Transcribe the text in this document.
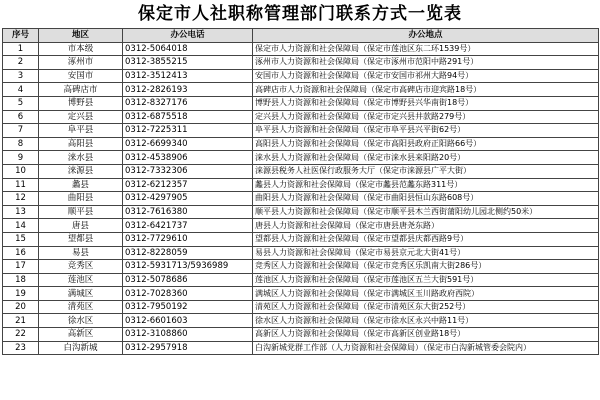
保定市人社职称管理部门联系方式一览表
序号	地区	办公电话	办公地点
1	市本级	0312-5064018	保定市人力资源和社会保障局（保定市莲池区东二环1539号）
2	涿州市	0312-3855215	涿州市人力资源和社会保障局（保定市涿州市范阳中路291号）
3	安国市	0312-3512413	安国市人力资源和社会保障局（保定市安国市祁州大路94号）
4	高碑店市	0312-2826193	高碑店市人力资源和社会保障局（保定市高碑店市迎宾路18号）
5	博野县	0312-8327176	博野县人力资源和社会保障局（保定市博野县兴华南街18号）
6	定兴县	0312-6875518	定兴县人力资源和社会保障局（保定市定兴县井款路279号）
7	阜平县	0312-7225311	阜平县人力资源和社会保障局（保定市阜平县兴平街62号）
8	高阳县	0312-6699340	高阳县人力资源和社会保障局（保定市高阳县政府正阳路66号）
9	涞水县	0312-4538906	涞水县人力资源和社会保障局（保定市涞水县来阳路20号）
10	涞源县	0312-7332306	涞源县税务人社医保行政服务大厅（保定市涞源县广平大街）
11	蠡县	0312-6212357	蠡县人力资源和社会保障局（保定市蠡县范蠡东路311号）
12	曲阳县	0312-4297905	曲阳县人力资源和社会保障局（保定市曲阳县恒山东路608号）
13	顺平县	0312-7616380	顺平县人力资源和社会保障局（保定市顺平县木兰西街蒲阳幼儿园北侧约50米）
14	唐县	0312-6421737	唐县人力资源和社会保障局（保定市唐县唐尧东路）
15	望都县	0312-7729610	望都县人力资源和社会保障局（保定市望都县庆都西路9号）
16	易县	0312-8228059	易县人力资源和社会保障局（保定市易县京元北大街41号）
17	竞秀区	0312-5931713/5936989	竞秀区人力资源和社会保障局（保定市竞秀区乐凯南大街286号）
18	莲池区	0312-5078686	莲池区人力资源和社会保障局（保定市莲池区五兰大街591号）
19	满城区	0312-7028360	满城区人力资源和社会保障局（保定市满城区玉川路政府西院）
20	清苑区	0312-7950192	清苑区人力资源和社会保障局（保定市清苑区东大街252号）
21	徐水区	0312-6601603	徐水区人力资源和社会保障局（保定市徐水区永兴中路11号）
22	高新区	0312-3108860	高新区人力资源和社会保障局（保定市高新区创业路18号）
23	白沟新城	0312-2957918	白沟新城党群工作部（人力资源和社会保障局）（保定市白沟新城管委会院内）
